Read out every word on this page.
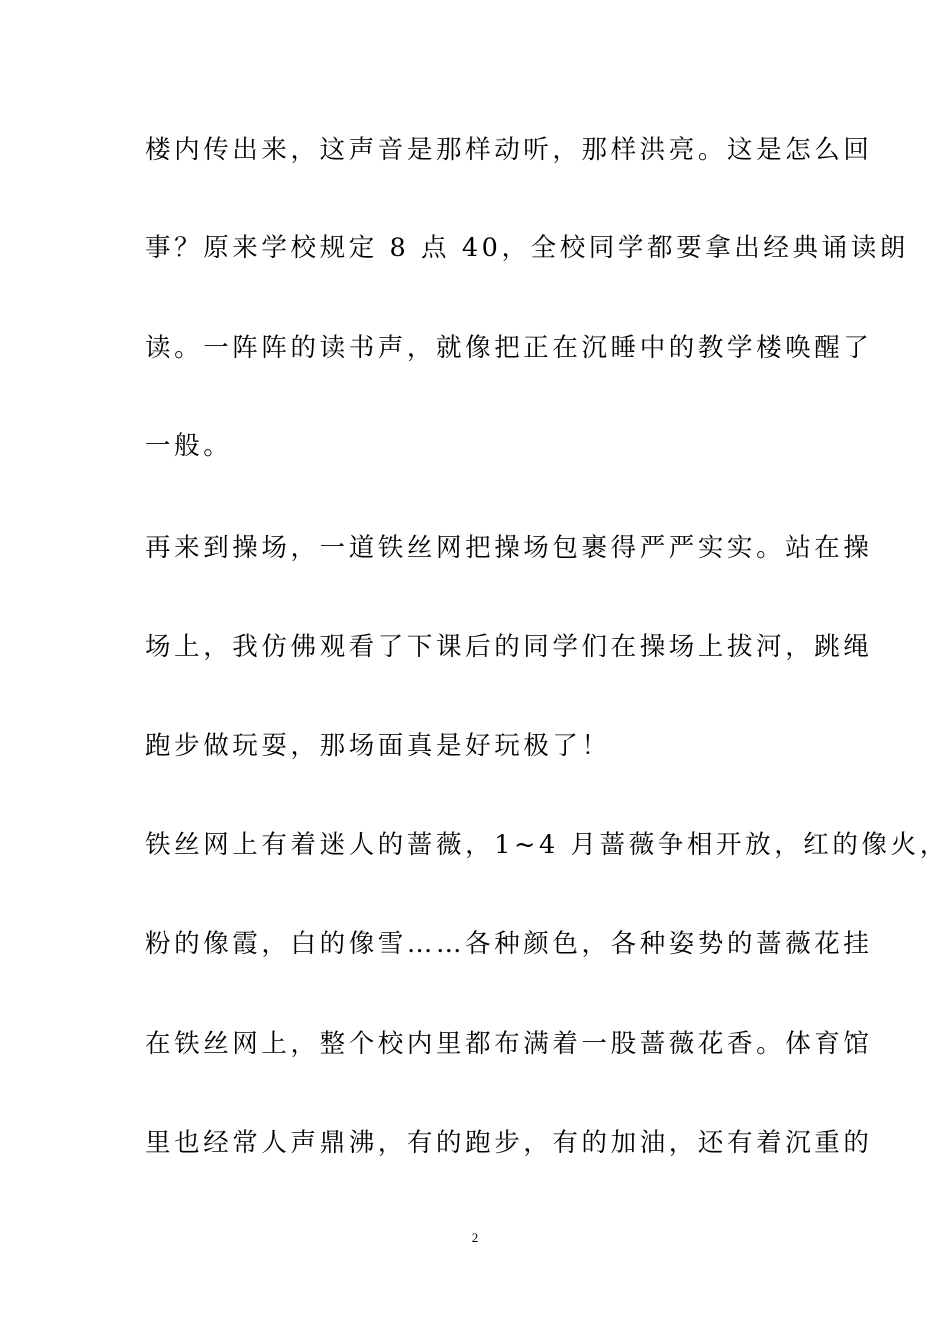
楼内传出来，这声音是那样动听，那样洪亮。这是怎么回
事？原来学校规定 8 点 40，全校同学都要拿出经典诵读朗
读。一阵阵的读书声，就像把正在沉睡中的教学楼唤醒了
一般。
再来到操场，一道铁丝网把操场包裹得严严实实。站在操
场上，我仿佛观看了下课后的同学们在操场上拔河，跳绳
跑步做玩耍，那场面真是好玩极了！
铁丝网上有着迷人的蔷薇，1~4 月蔷薇争相开放，红的像火，
粉的像霞，白的像雪……各种颜色，各种姿势的蔷薇花挂
在铁丝网上，整个校内里都布满着一股蔷薇花香。体育馆
里也经常人声鼎沸，有的跑步，有的加油，还有着沉重的
2
